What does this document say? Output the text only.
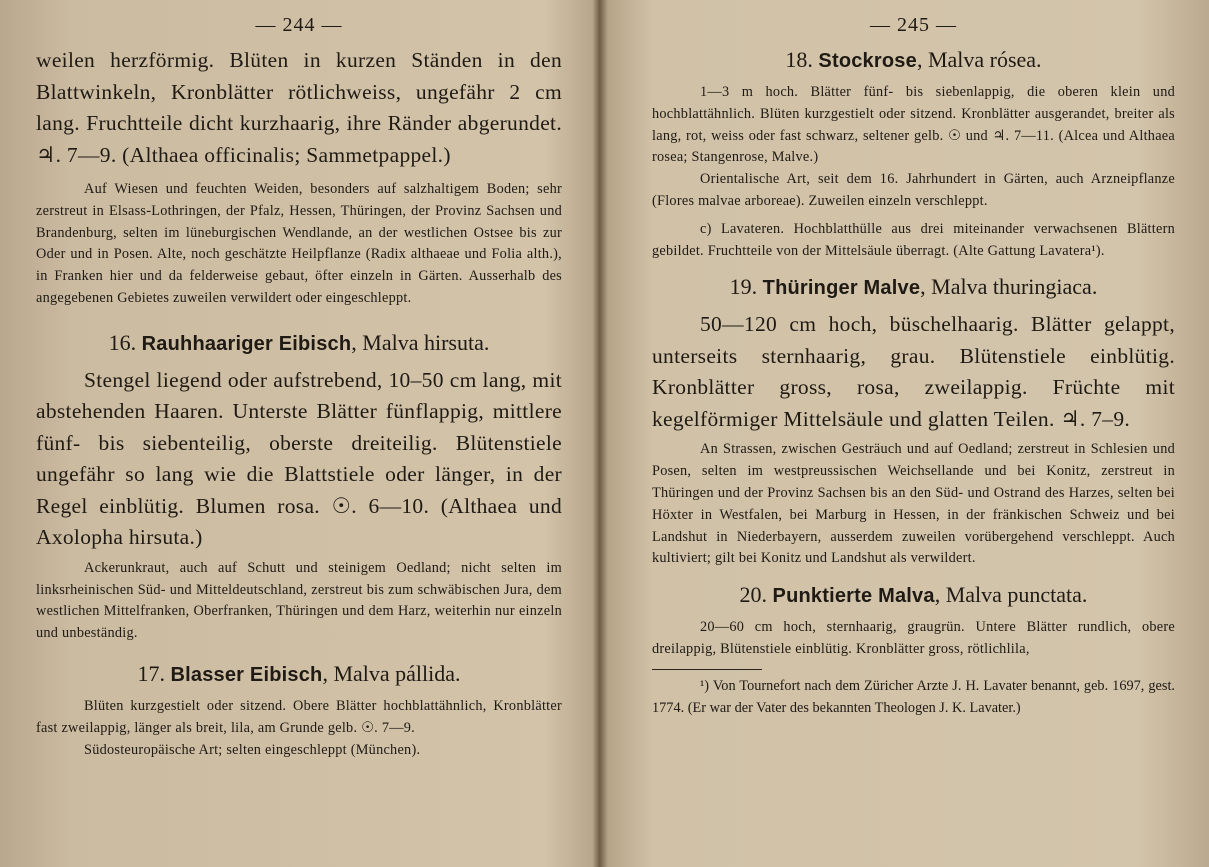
— 244 —

weilen herzförmig. Blüten in kurzen Ständen in den Blattwinkeln, Kronblätter rötlichweiss, ungefähr 2 cm lang. Fruchtteile dicht kurzhaarig, ihre Ränder abgerundet. ♃. 7—9. (Althaea officinalis; Sammetpappel.)

Auf Wiesen und feuchten Weiden, besonders auf salzhaltigem Boden; sehr zerstreut in Elsass-Lothringen, der Pfalz, Hessen, Thüringen, der Provinz Sachsen und Brandenburg, selten im lüneburgischen Wendlande, an der westlichen Ostsee bis zur Oder und in Posen. Alte, noch geschätzte Heilpflanze (Radix althaeae und Folia alth.), in Franken hier und da felderweise gebaut, öfter einzeln in Gärten. Ausserhalb des angegebenen Gebietes zuweilen verwildert oder eingeschleppt.

16. Rauhhaariger Eibisch, Malva hirsuta.

Stengel liegend oder aufstrebend, 10–50 cm lang, mit abstehenden Haaren. Unterste Blätter fünflappig, mittlere fünf- bis siebenteilig, oberste dreiteilig. Blütenstiele ungefähr so lang wie die Blattstiele oder länger, in der Regel einblütig. Blumen rosa. ☉. 6—10. (Althaea und Axolopha hirsuta.)

Ackerunkraut, auch auf Schutt und steinigem Oedland; nicht selten im linksrheinischen Süd- und Mitteldeutschland, zerstreut bis zum schwäbischen Jura, dem westlichen Mittelfranken, Oberfranken, Thüringen und dem Harz, weiterhin nur einzeln und unbeständig.

17. Blasser Eibisch, Malva pállida.

Blüten kurzgestielt oder sitzend. Obere Blätter hochblattähnlich, Kronblätter fast zweilappig, länger als breit, lila, am Grunde gelb. ☉. 7—9.

Südosteuropäische Art; selten eingeschleppt (München).

— 245 —
18. Stockrose, Malva rósea.

1—3 m hoch. Blätter fünf- bis siebenlappig, die oberen klein und hochblattähnlich. Blüten kurzgestielt oder sitzend. Kronblätter ausgerandet, breiter als lang, rot, weiss oder fast schwarz, seltener gelb. ☉ und ♃. 7—11. (Alcea und Althaea rosea; Stangenrose, Malve.)

Orientalische Art, seit dem 16. Jahrhundert in Gärten, auch Arzneipflanze (Flores malvae arboreae). Zuweilen einzeln verschleppt.

c) Lavateren. Hochblatthülle aus drei miteinander verwachsenen Blättern gebildet. Fruchtteile von der Mittelsäule überragt. (Alte Gattung Lavatera¹).

19. Thüringer Malve, Malva thuringiaca.

50—120 cm hoch, büschelhaarig. Blätter gelappt, unterseits sternhaarig, grau. Blütenstiele einblütig. Kronblätter gross, rosa, zweilappig. Früchte mit kegelförmiger Mittelsäule und glatten Teilen. ♃. 7–9.

An Strassen, zwischen Gesträuch und auf Oedland; zerstreut in Schlesien und Posen, selten im westpreussischen Weichsellande und bei Konitz, zerstreut in Thüringen und der Provinz Sachsen bis an den Süd- und Ostrand des Harzes, selten bei Höxter in Westfalen, bei Marburg in Hessen, in der fränkischen Schweiz und bei Landshut in Niederbayern, ausserdem zuweilen vorübergehend verschleppt. Auch kultiviert; gilt bei Konitz und Landshut als verwildert.

20. Punktierte Malva, Malva punctata.

20—60 cm hoch, sternhaarig, graugrün. Untere Blätter rundlich, obere dreilappig, Blütenstiele einblütig. Kronblätter gross, rötlichlila,

¹) Von Tournefort nach dem Züricher Arzte J. H. Lavater benannt, geb. 1697, gest. 1774. (Er war der Vater des bekannten Theologen J. K. Lavater.)
